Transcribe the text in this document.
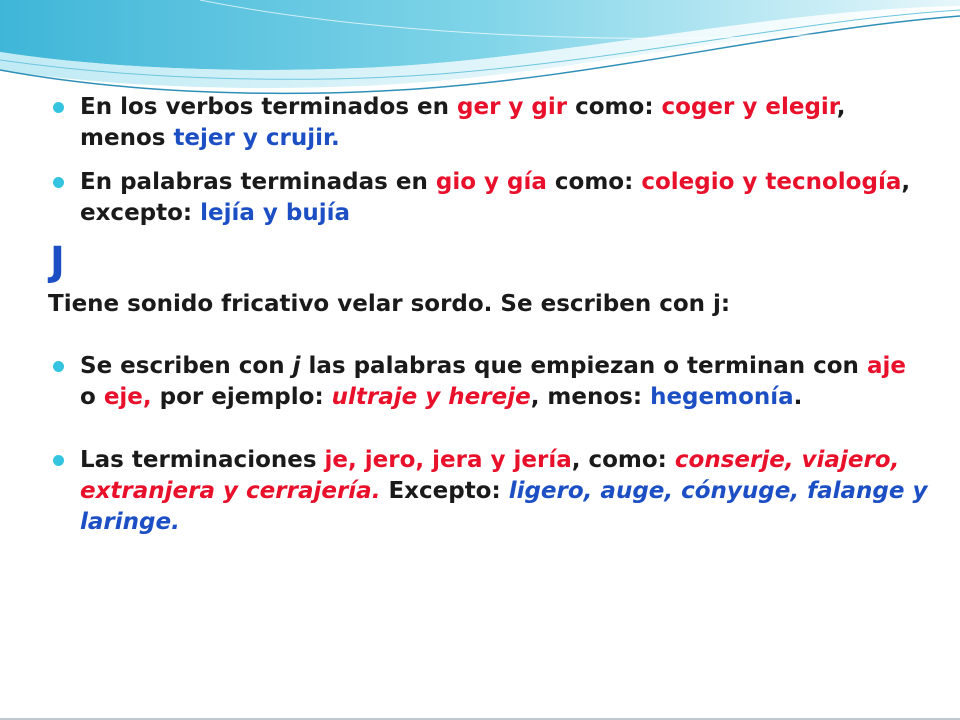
En los verbos terminados en ger y gir como: coger y elegir, menos tejer y crujir.
En palabras terminadas en gio y gía como: colegio y tecnología, excepto: lejía y bujía
J
Tiene sonido fricativo velar sordo. Se escriben con j:
Se escriben con j las palabras que empiezan o terminan con aje o eje, por ejemplo: ultraje y hereje, menos: hegemonía.
Las terminaciones je, jero, jera y jería, como: conserje, viajero, extranjera y cerrajería. Excepto: ligero, auge, cónyuge, falange y laringe.
